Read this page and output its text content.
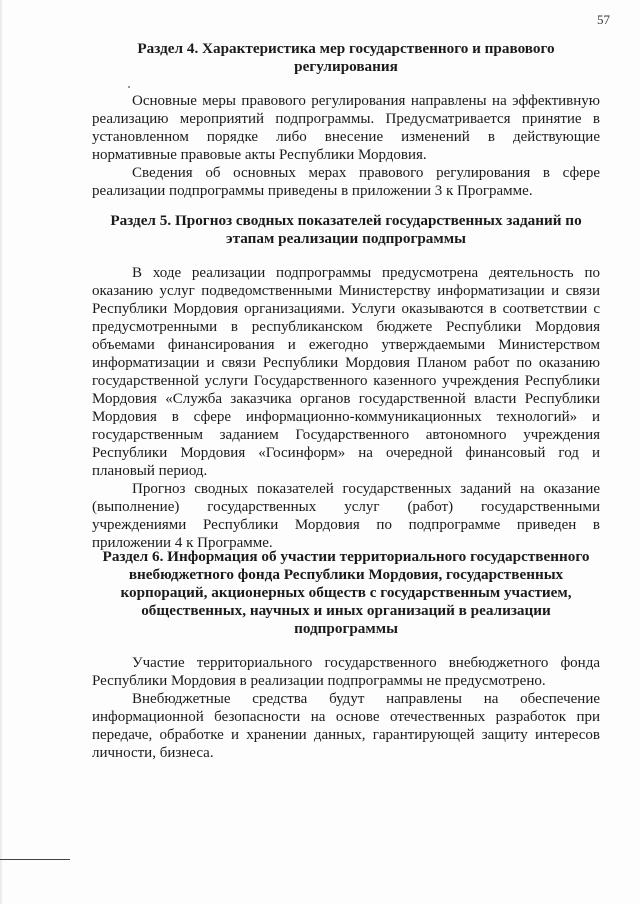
57
Раздел 4. Характеристика мер государственного и правового регулирования

Основные меры правового регулирования направлены на эффективную реализацию мероприятий подпрограммы. Предусматривается принятие в установленном порядке либо внесение изменений в действующие нормативные правовые акты Республики Мордовия.

Сведения об основных мерах правового регулирования в сфере реализации подпрограммы приведены в приложении 3 к Программе.

Раздел 5. Прогноз сводных показателей государственных заданий по этапам реализации подпрограммы

В ходе реализации подпрограммы предусмотрена деятельность по оказанию услуг подведомственными Министерству информатизации и связи Республики Мордовия организациями. Услуги оказываются в соответствии с предусмотренными в республиканском бюджете Республики Мордовия объемами финансирования и ежегодно утверждаемыми Министерством информатизации и связи Республики Мордовия Планом работ по оказанию государственной услуги Государственного казенного учреждения Республики Мордовия «Служба заказчика органов государственной власти Республики Мордовия в сфере информационно-коммуникационных технологий» и государственным заданием Государственного автономного учреждения Республики Мордовия «Госинформ» на очередной финансовый год и плановый период.

Прогноз сводных показателей государственных заданий на оказание (выполнение) государственных услуг (работ) государственными учреждениями Республики Мордовия по подпрограмме приведен в приложении 4 к Программе.

Раздел 6. Информация об участии территориального государственного внебюджетного фонда Республики Мордовия, государственных корпораций, акционерных обществ с государственным участием, общественных, научных и иных организаций в реализации подпрограммы

Участие территориального государственного внебюджетного фонда Республики Мордовия в реализации подпрограммы не предусмотрено.

Внебюджетные средства будут направлены на обеспечение информационной безопасности на основе отечественных разработок при передаче, обработке и хранении данных, гарантирующей защиту интересов личности, бизнеса.
